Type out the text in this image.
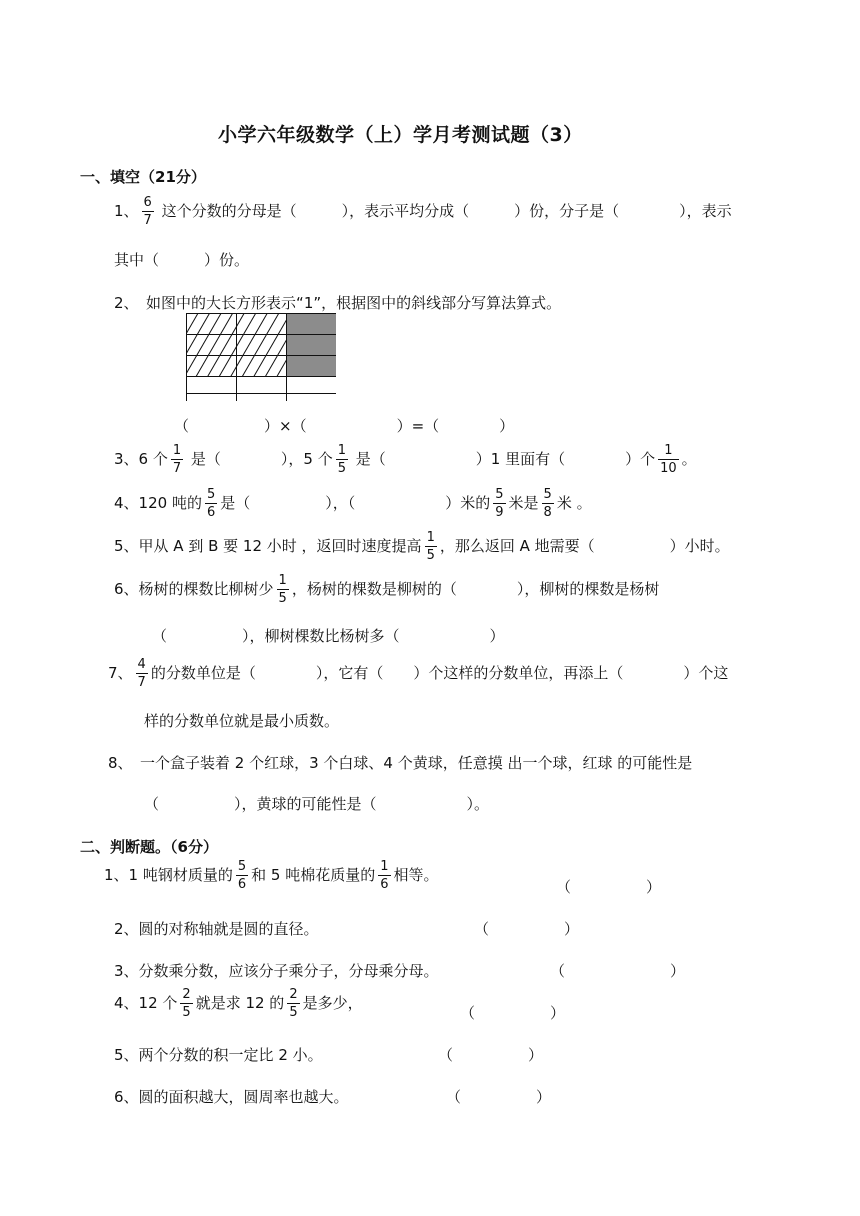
小学六年级数学（上）学月考测试题（3）
一、填空（21分）
1、 $\frac{6}{7}$ 这个分数的分母是（　　　），表示平均分成（　　　）份，分子是（　　　　），表示
其中（　　　）份。
2、　如图中的大长方形表示“1”，根据图中的斜线部分写算法算式。
（　　　　　）×（　　　　　　）=（　　　　）
3、6 个 $\frac{1}{7}$ 是（　　　　），5 个 $\frac{1}{5}$ 是（　　　　　　）1 里面有（　　　　）个 $\frac{1}{10}$ 。
4、120 吨的 $\frac{5}{6}$ 是（　　　　　），（　　　　　　）米的 $\frac{5}{9}$ 米是 $\frac{5}{8}$ 米 。
5、甲从 A 到 B 要 12 小时 ，返回时速度提高 $\frac{1}{5}$ ，那么返回 A 地需要（　　　　　）小时。
6、杨树的棵数比柳树少 $\frac{1}{5}$ ，杨树的棵数是柳树的（　　　　），柳树的棵数是杨树
（　　　　　），柳树棵数比杨树多（　　　　　　）
7、 $\frac{4}{7}$ 的分数单位是（　　　　），它有（　　）个这样的分数单位，再添上（　　　　）个这
样的分数单位就是最小质数。
8、　一个盒子装着 2 个红球，3 个白球、4 个黄球，任意摸 出一个球，红球 的可能性是
（　　　　　），黄球的可能性是（　　　　　　）。
二、判断题。（6分）
1、1 吨钢材质量的 $\frac{5}{6}$ 和 5 吨棉花质量的 $\frac{1}{6}$ 相等。
（　　　　　）
2、圆的对称轴就是圆的直径。	（　　　　　）
3、分数乘分数，应该分子乘分子，分母乘分母。	（　　　　　　　）
4、12 个 $\frac{2}{5}$ 就是求 12 的 $\frac{2}{5}$ 是多少，
（　　　　　）
5、两个分数的积一定比 2 小。	（　　　　　）
6、圆的面积越大，圆周率也越大。	（　　　　　）
